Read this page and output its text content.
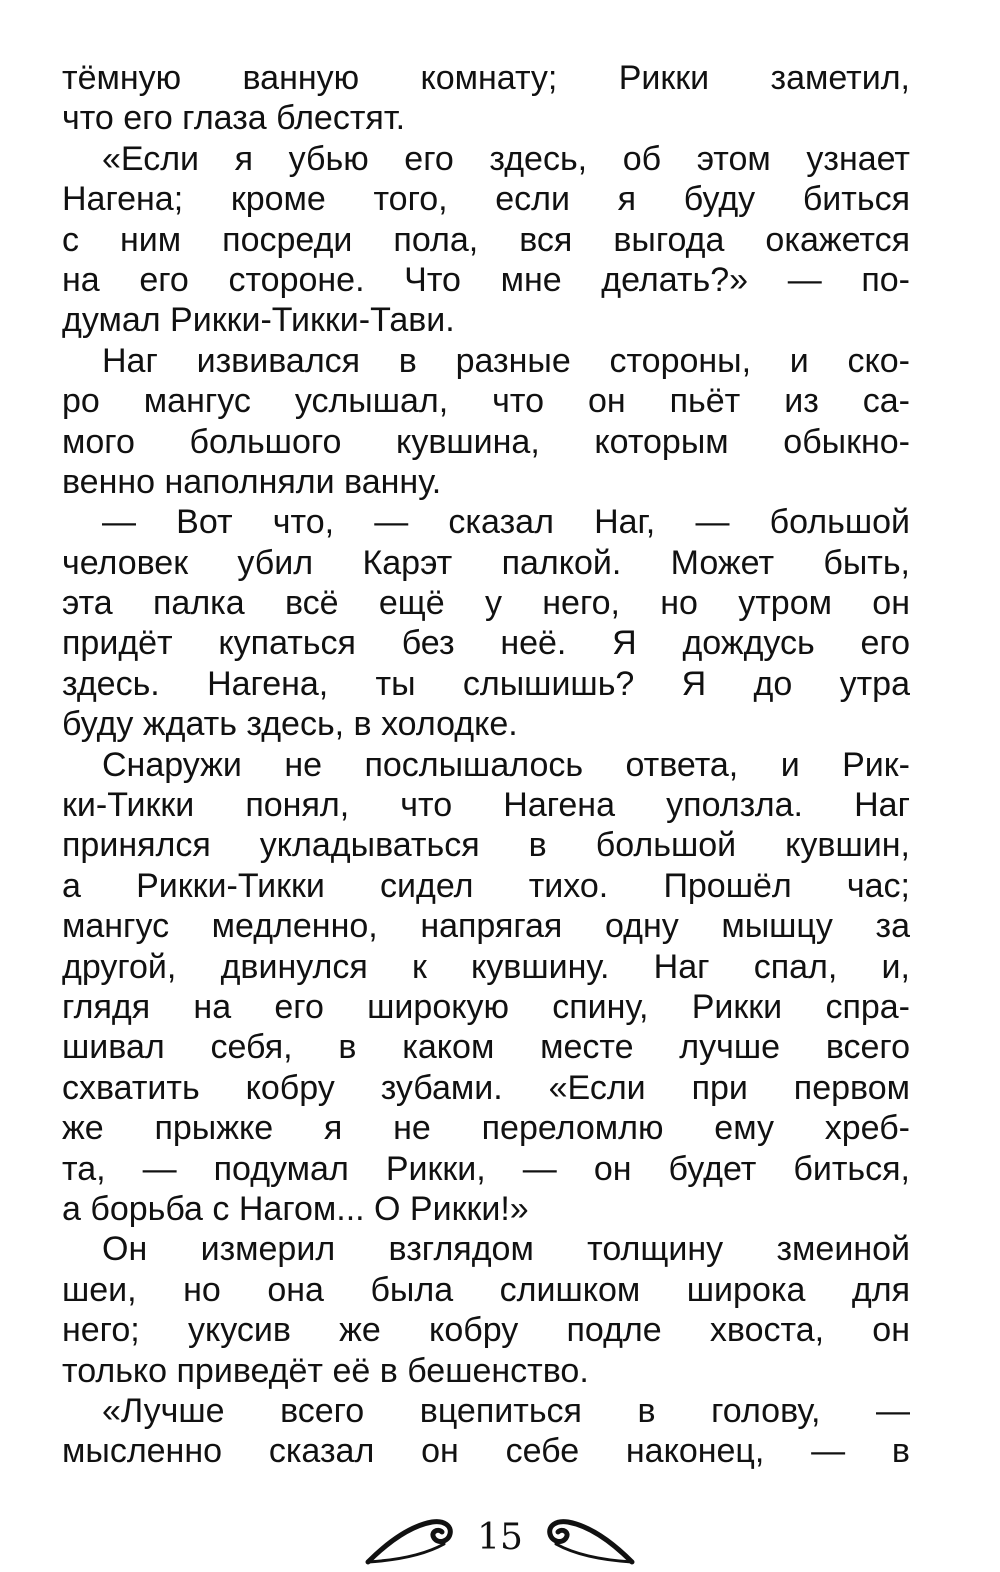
тёмную ванную комнату; Рикки заметил,
что его глаза блестят.
«Если я убью его здесь, об этом узнает
Нагена; кроме того, если я буду биться
с ним посреди пола, вся выгода окажется
на его стороне. Что мне делать?» — по-
думал Рикки-Тикки-Тави.
Наг извивался в разные стороны, и ско-
ро мангус услышал, что он пьёт из са-
мого большого кувшина, которым обыкно-
венно наполняли ванну.
— Вот что, — сказал Наг, — большой
человек убил Карэт палкой. Может быть,
эта палка всё ещё у него, но утром он
придёт купаться без неё. Я дождусь его
здесь. Нагена, ты слышишь? Я до утра
буду ждать здесь, в холодке.
Снаружи не послышалось ответа, и Рик-
ки-Тикки понял, что Нагена уползла. Наг
принялся укладываться в большой кувшин,
а Рикки-Тикки сидел тихо. Прошёл час;
мангус медленно, напрягая одну мышцу за
другой, двинулся к кувшину. Наг спал, и,
глядя на его широкую спину, Рикки спра-
шивал себя, в каком месте лучше всего
схватить кобру зубами. «Если при первом
же прыжке я не переломлю ему хреб-
та, — подумал Рикки, — он будет биться,
а борьба с Нагом... О Рикки!»
Он измерил взглядом толщину змеиной
шеи, но она была слишком широка для
него; укусив же кобру подле хвоста, он
только приведёт её в бешенство.
«Лучше всего вцепиться в голову, —
мысленно сказал он себе наконец, — в
15
